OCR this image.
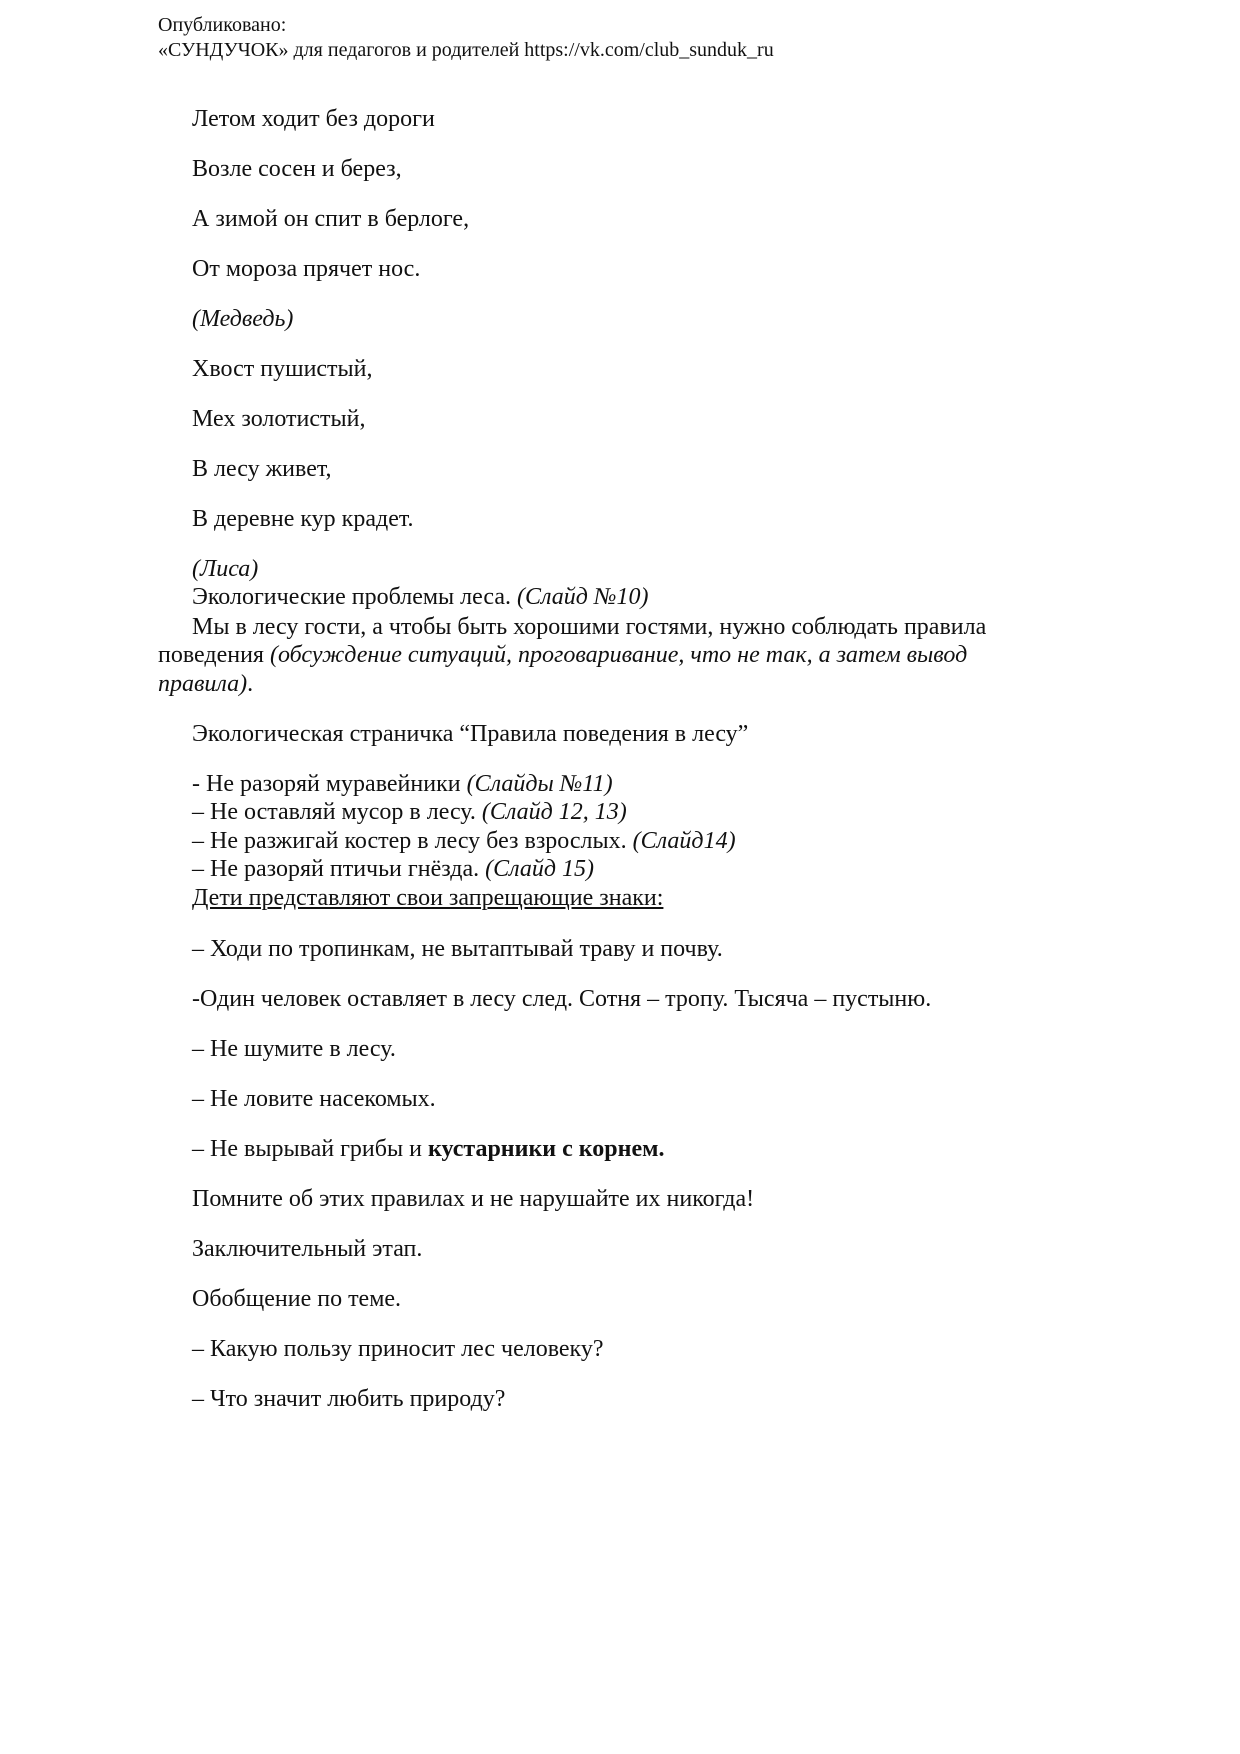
Опубликовано:
«СУНДУЧОК» для педагогов и родителей https://vk.com/club_sunduk_ru
Летом ходит без дороги
Возле сосен и берез,
А зимой он спит в берлоге,
От мороза прячет нос.
(Медведь)
Хвост пушистый,
Мех золотистый,
В лесу живет,
В деревне кур крадет.
(Лиса)
Экологические проблемы леса. (Слайд №10)
Мы в лесу гости, а чтобы быть хорошими гостями, нужно соблюдать правила
поведения (обсуждение ситуаций, проговаривание, что не так, а затем вывод
правила).
Экологическая страничка “Правила поведения в лесу”
- Не разоряй муравейники (Слайды №11)
– Не оставляй мусор в лесу. (Слайд 12, 13)
– Не разжигай костер в лесу без взрослых. (Слайд14)
– Не разоряй птичьи гнёзда. (Слайд 15)
Дети представляют свои запрещающие знаки:
– Ходи по тропинкам, не вытаптывай траву и почву.
-Один человек оставляет в лесу след. Сотня – тропу. Тысяча – пустыню.
– Не шумите в лесу.
– Не ловите насекомых.
– Не вырывай грибы и кустарники с корнем.
Помните об этих правилах и не нарушайте их никогда!
Заключительный этап.
Обобщение по теме.
– Какую пользу приносит лес человеку?
– Что значит любить природу?
